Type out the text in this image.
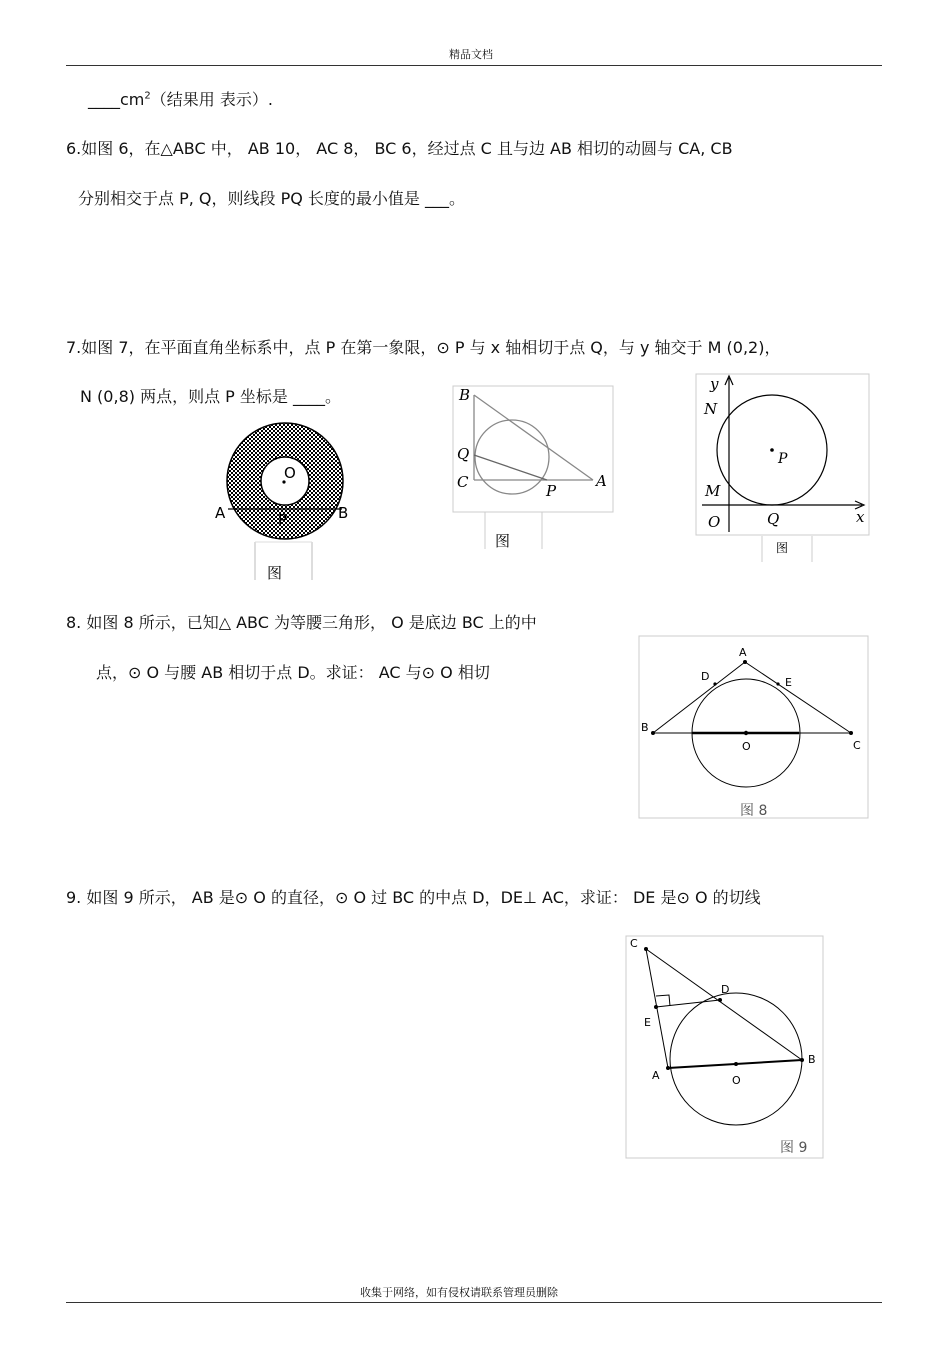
精品文档
$\_\_\_\_cm^2$（结果用 表示）.
6.如图 6，在△ABC 中， AB 10， AC 8， BC 6，经过点 C 且与边 AB 相切的动圆与 CA, CB
分别相交于点 P, Q，则线段 PQ 长度的最小值是 ___。
7.如图 7，在平面直角坐标系中，点 P 在第一象限，⊙ P 与 x 轴相切于点 Q，与 y 轴交于 M (0,2)，
N (0,8) 两点，则点 P 坐标是 ____。
O
A	P	B
图
B
Q
C	P
A
图
y
N
P
M
O	Q	x
图
8. 如图 8 所示，已知△ ABC 为等腰三角形， O 是底边 BC 上的中
点，⊙ O 与腰 AB 相切于点 D。求证： AC 与⊙ O 相切
A
D	E
B
O	C
图 8
9. 如图 9 所示， AB 是⊙ O 的直径，⊙ O 过 BC 的中点 D，DE⊥ AC，求证： DE 是⊙ O 的切线
C
D
E
A	O
B
图 9
收集于网络，如有侵权请联系管理员删除
